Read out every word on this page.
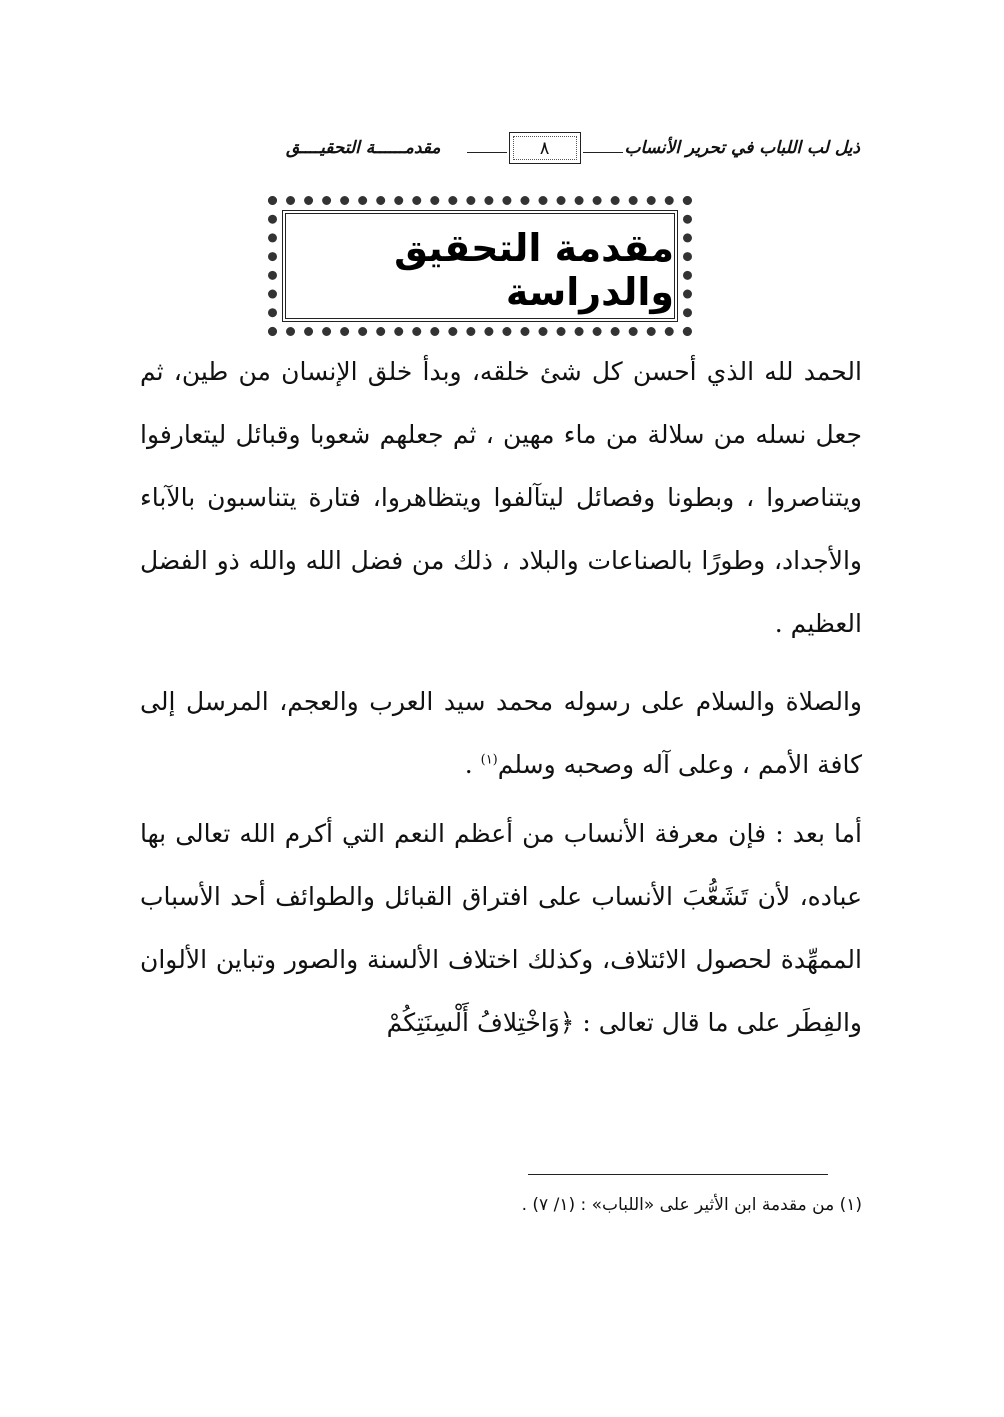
ذيل لب اللباب في تحرير الأنساب
٨
مقدمــــــة التحقيــــق
مقدمة التحقيق والدراسة
الحمد لله الذي أحسن كل شئ خلقه، وبدأ خلق الإنسان من طين، ثم جعل نسله من سلالة من ماء مهين ، ثم جعلهم شعوبا وقبائل ليتعارفوا ويتناصروا ، وبطونا وفصائل ليتآلفوا ويتظاهروا، فتارة يتناسبون بالآباء والأجداد، وطورًا بالصناعات والبلاد ، ذلك من فضل الله والله ذو الفضل العظيم .
والصلاة والسلام على رسوله محمد سيد العرب والعجم، المرسل إلى كافة الأمم ، وعلى آله وصحبه وسلم$^{(١)}$ .
أما بعد : فإن معرفة الأنساب من أعظم النعم التي أكرم الله تعالى بها عباده، لأن تَشَعُّبَ الأنساب على افتراق القبائل والطوائف أحد الأسباب الممهِّدة لحصول الائتلاف، وكذلك اختلاف الألسنة والصور وتباين الألوان والفِطَر على ما قال تعالى : ﴿وَاخْتِلافُ أَلْسِنَتِكُمْ
(١) من مقدمة ابن الأثير على «اللباب» : (١/ ٧) .
